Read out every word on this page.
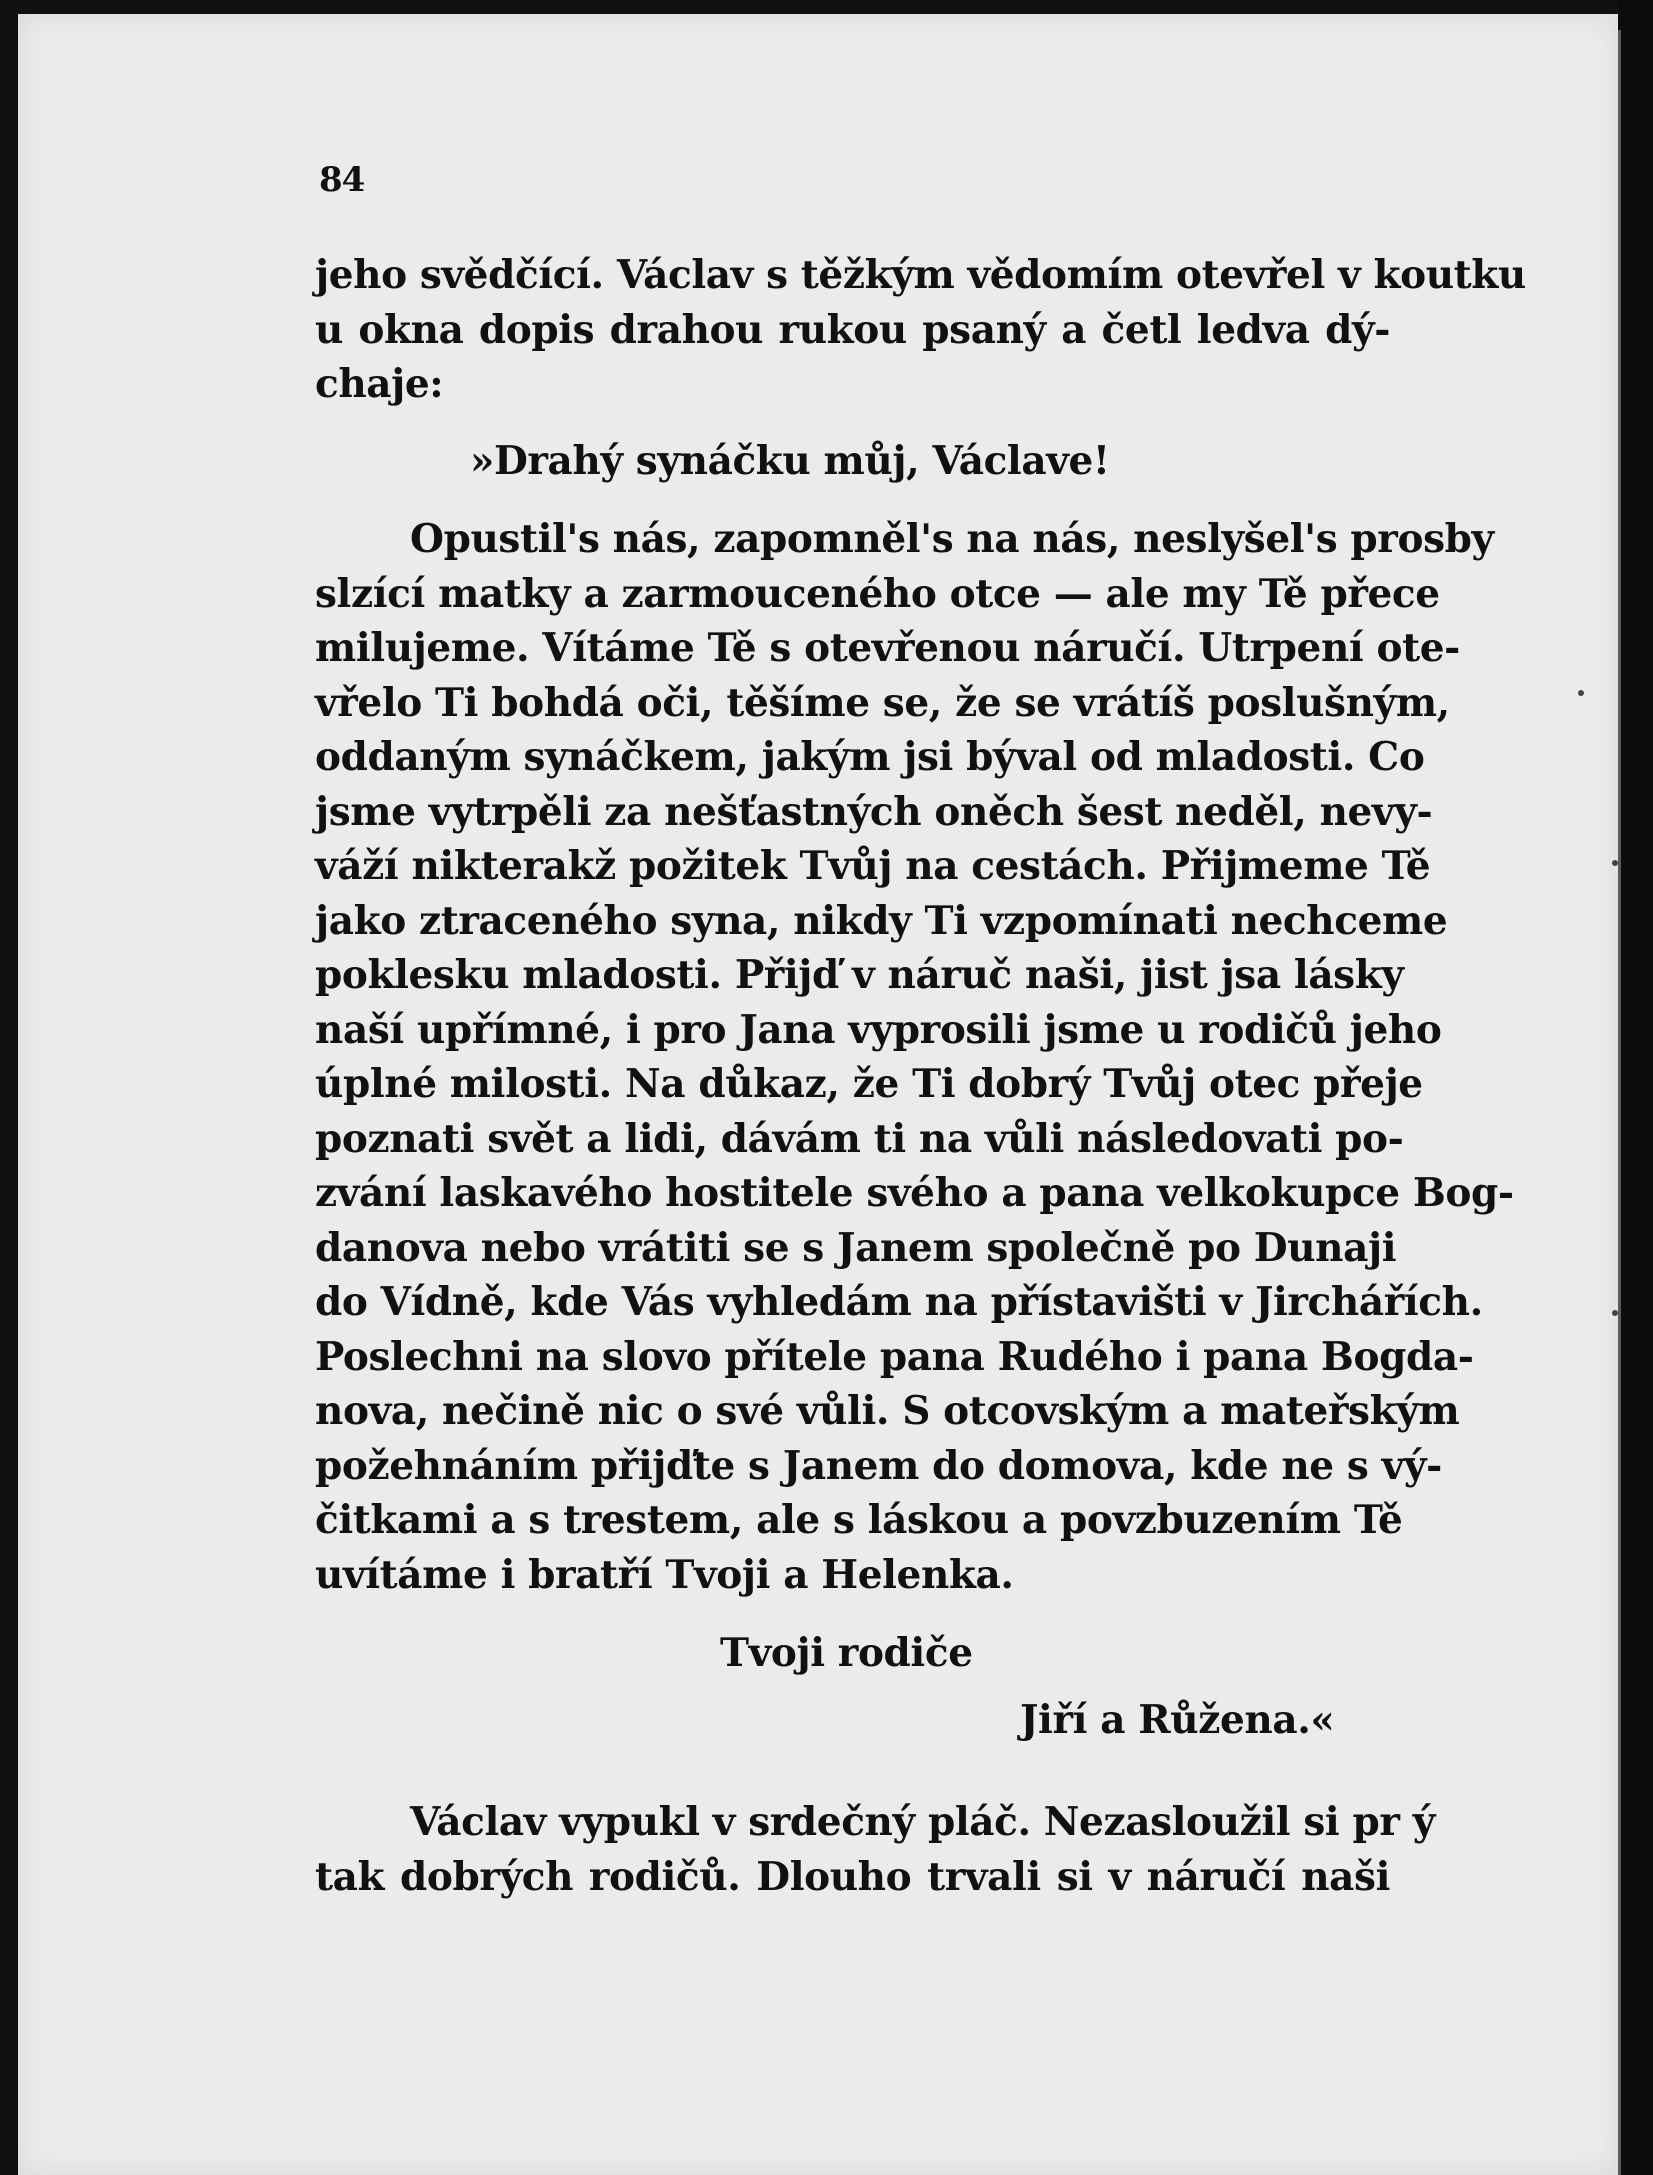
84
jeho svědčící. Václav s těžkým vědomím otevřel v koutku
u okna dopis drahou rukou psaný a četl ledva dý-
chaje:
»Drahý synáčku můj, Václave!
Opustil's nás, zapomněl's na nás, neslyšel's prosby
slzící matky a zarmouceného otce — ale my Tě přece
milujeme. Vítáme Tě s otevřenou náručí. Utrpení ote-
vřelo Ti bohdá oči, těšíme se, že se vrátíš poslušným,
oddaným synáčkem, jakým jsi býval od mladosti. Co
jsme vytrpěli za nešťastných oněch šest neděl, nevy-
váží nikterakž požitek Tvůj na cestách. Přijmeme Tě
jako ztraceného syna, nikdy Ti vzpomínati nechceme
poklesku mladosti. Přijď v náruč naši, jist jsa lásky
naší upřímné, i pro Jana vyprosili jsme u rodičů jeho
úplné milosti. Na důkaz, že Ti dobrý Tvůj otec přeje
poznati svět a lidi, dávám ti na vůli následovati po-
zvání laskavého hostitele svého a pana velkokupce Bog-
danova nebo vrátiti se s Janem společně po Dunaji
do Vídně, kde Vás vyhledám na přístavišti v Jirchářích.
Poslechni na slovo přítele pana Rudého i pana Bogda-
nova, nečině nic o své vůli. S otcovským a mateřským
požehnáním přijďte s Janem do domova, kde ne s vý-
čitkami a s trestem, ale s láskou a povzbuzením Tě
uvítáme i bratří Tvoji a Helenka.
Tvoji rodiče
Jiří a Růžena.«
Václav vypukl v srdečný pláč. Nezasloužil si pr ý
tak dobrých rodičů. Dlouho trvali si v náručí naši
